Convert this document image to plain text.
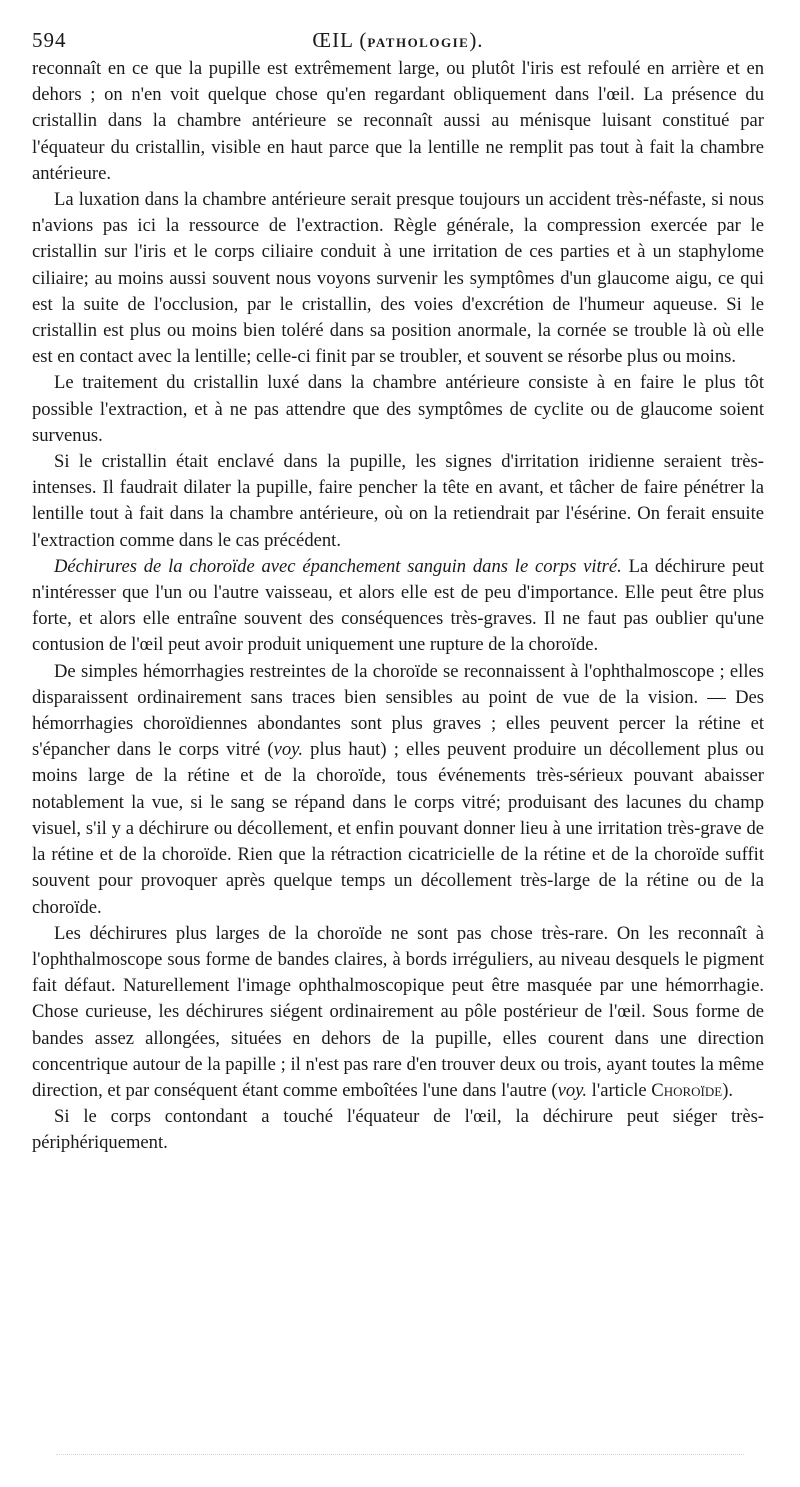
594	ŒIL (PATHOLOGIE).

reconnaît en ce que la pupille est extrêmement large, ou plutôt l'iris est refoulé en arrière et en dehors ; on n'en voit quelque chose qu'en regardant obliquement dans l'œil. La présence du cristallin dans la chambre antérieure se reconnaît aussi au ménisque luisant constitué par l'équateur du cristallin, visible en haut parce que la lentille ne remplit pas tout à fait la chambre antérieure.

La luxation dans la chambre antérieure serait presque toujours un accident très-néfaste, si nous n'avions pas ici la ressource de l'extraction. Règle générale, la compression exercée par le cristallin sur l'iris et le corps ciliaire conduit à une irritation de ces parties et à un staphylome ciliaire; au moins aussi souvent nous voyons survenir les symptômes d'un glaucome aigu, ce qui est la suite de l'occlusion, par le cristallin, des voies d'excrétion de l'humeur aqueuse. Si le cristallin est plus ou moins bien toléré dans sa position anormale, la cornée se trouble là où elle est en contact avec la lentille; celle-ci finit par se troubler, et souvent se résorbe plus ou moins.

Le traitement du cristallin luxé dans la chambre antérieure consiste à en faire le plus tôt possible l'extraction, et à ne pas attendre que des symptômes de cyclite ou de glaucome soient survenus.

Si le cristallin était enclavé dans la pupille, les signes d'irritation iridienne seraient très-intenses. Il faudrait dilater la pupille, faire pencher la tête en avant, et tâcher de faire pénétrer la lentille tout à fait dans la chambre antérieure, où on la retiendrait par l'ésérine. On ferait ensuite l'extraction comme dans le cas précédent.

Déchirures de la choroïde avec épanchement sanguin dans le corps vitré. La déchirure peut n'intéresser que l'un ou l'autre vaisseau, et alors elle est de peu d'importance. Elle peut être plus forte, et alors elle entraîne souvent des conséquences très-graves. Il ne faut pas oublier qu'une contusion de l'œil peut avoir produit uniquement une rupture de la choroïde.

De simples hémorrhagies restreintes de la choroïde se reconnaissent à l'ophthalmoscope ; elles disparaissent ordinairement sans traces bien sensibles au point de vue de la vision. — Des hémorrhagies choroïdiennes abondantes sont plus graves ; elles peuvent percer la rétine et s'épancher dans le corps vitré (voy. plus haut) ; elles peuvent produire un décollement plus ou moins large de la rétine et de la choroïde, tous événements très-sérieux pouvant abaisser notablement la vue, si le sang se répand dans le corps vitré; produisant des lacunes du champ visuel, s'il y a déchirure ou décollement, et enfin pouvant donner lieu à une irritation très-grave de la rétine et de la choroïde. Rien que la rétraction cicatricielle de la rétine et de la choroïde suffit souvent pour provoquer après quelque temps un décollement très-large de la rétine ou de la choroïde.

Les déchirures plus larges de la choroïde ne sont pas chose très-rare. On les reconnaît à l'ophthalmoscope sous forme de bandes claires, à bords irréguliers, au niveau desquels le pigment fait défaut. Naturellement l'image ophthalmoscopique peut être masquée par une hémorrhagie. Chose curieuse, les déchirures siégent ordinairement au pôle postérieur de l'œil. Sous forme de bandes assez allongées, situées en dehors de la pupille, elles courent dans une direction concentrique autour de la papille ; il n'est pas rare d'en trouver deux ou trois, ayant toutes la même direction, et par conséquent étant comme emboîtées l'une dans l'autre (voy. l'article Choroïde).

Si le corps contondant a touché l'équateur de l'œil, la déchirure peut siéger très-périphériquement.
